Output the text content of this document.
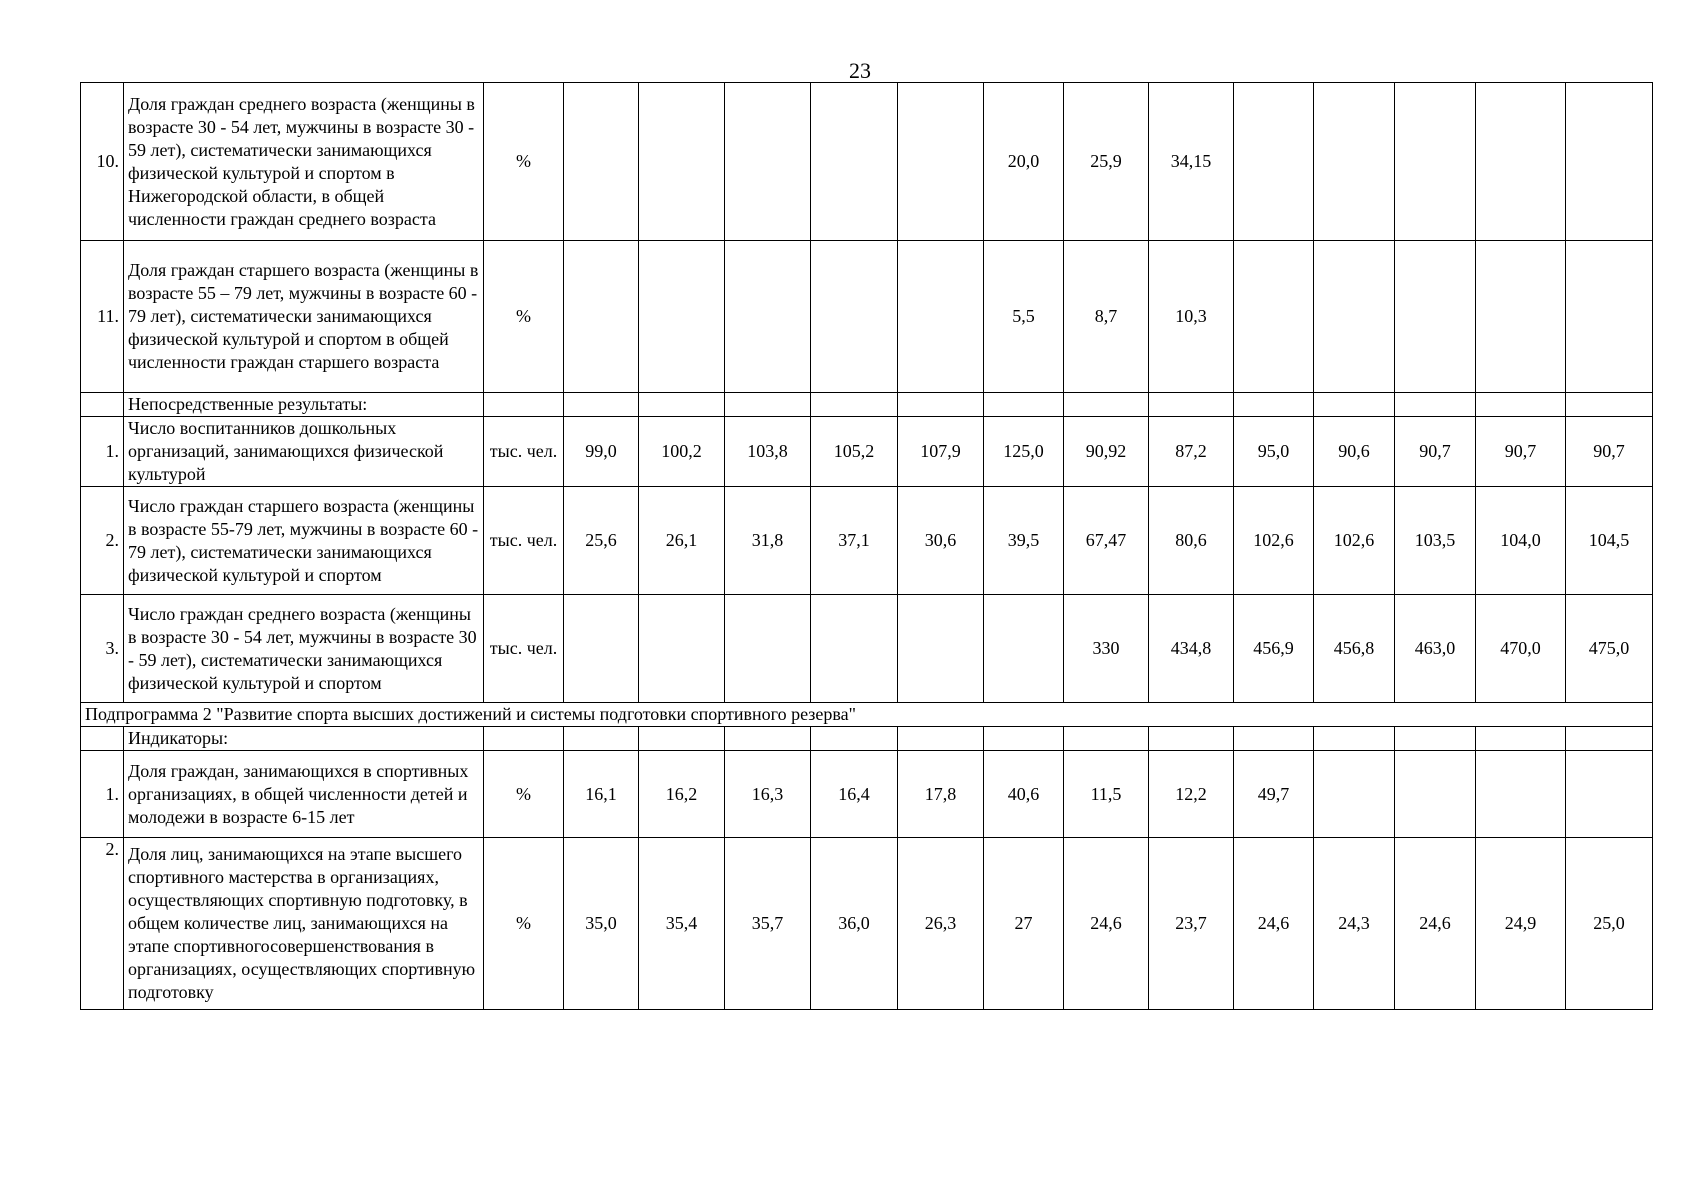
23
10.	Доля граждан среднего возраста (женщины в возрасте 30 - 54 лет, мужчины в возрасте 30 - 59 лет), систематически занимающихся физической культурой и спортом в Нижегородской области, в общей численности граждан среднего возраста	%						20,0	25,9	34,15					
11.	Доля граждан старшего возраста (женщины в возрасте 55 – 79 лет, мужчины в возрасте 60 - 79 лет), систематически занимающихся физической культурой и спортом в общей численности граждан старшего возраста	%						5,5	8,7	10,3					
	Непосредственные результаты:														
1.	Число воспитанников дошкольных организаций, занимающихся физической культурой	тыс. чел.	99,0	100,2	103,8	105,2	107,9	125,0	90,92	87,2	95,0	90,6	90,7	90,7	90,7
2.	Число граждан старшего возраста (женщины в возрасте 55-79 лет, мужчины в возрасте 60 - 79 лет), систематически занимающихся физической культурой и спортом	тыс. чел.	25,6	26,1	31,8	37,1	30,6	39,5	67,47	80,6	102,6	102,6	103,5	104,0	104,5
3.	Число граждан среднего возраста (женщины в возрасте 30 - 54 лет, мужчины в возрасте 30 - 59 лет), систематически занимающихся физической культурой и спортом	тыс. чел.							330	434,8	456,9	456,8	463,0	470,0	475,0
Подпрограмма 2 "Развитие спорта высших достижений и системы подготовки спортивного резерва"															
	Индикаторы:														
1.	Доля граждан, занимающихся в спортивных организациях, в общей численности детей и молодежи в возрасте 6-15 лет	%	16,1	16,2	16,3	16,4	17,8	40,6	11,5	12,2	49,7				
2.	Доля лиц, занимающихся на этапе высшего спортивного мастерства в организациях, осуществляющих спортивную подготовку, в общем количестве лиц, занимающихся на этапе спортивногосовершенствования в организациях, осуществляющих спортивную подготовку	%	35,0	35,4	35,7	36,0	26,3	27	24,6	23,7	24,6	24,3	24,6	24,9	25,0
